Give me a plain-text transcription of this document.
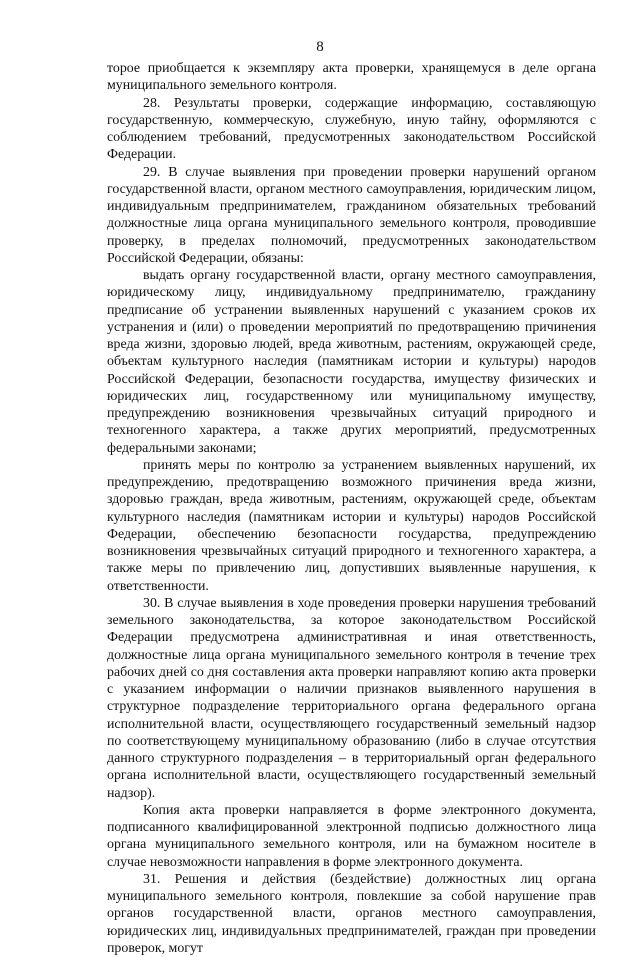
8

торое приобщается к экземпляру акта проверки, хранящемуся в деле органа муниципального земельного контроля.

28. Результаты проверки, содержащие информацию, составляющую государственную, коммерческую, служебную, иную тайну, оформляются с соблюдением требований, предусмотренных законодательством Российской Федерации.

29. В случае выявления при проведении проверки нарушений органом государственной власти, органом местного самоуправления, юридическим лицом, индивидуальным предпринимателем, гражданином обязательных требований должностные лица органа муниципального земельного контроля, проводившие проверку, в пределах полномочий, предусмотренных законодательством Российской Федерации, обязаны:

выдать органу государственной власти, органу местного самоуправления, юридическому лицу, индивидуальному предпринимателю, гражданину предписание об устранении выявленных нарушений с указанием сроков их устранения и (или) о проведении мероприятий по предотвращению причинения вреда жизни, здоровью людей, вреда животным, растениям, окружающей среде, объектам культурного наследия (памятникам истории и культуры) народов Российской Федерации, безопасности государства, имуществу физических и юридических лиц, государственному или муниципальному имуществу, предупреждению возникновения чрезвычайных ситуаций природного и техногенного характера, а также других мероприятий, предусмотренных федеральными законами;

принять меры по контролю за устранением выявленных нарушений, их предупреждению, предотвращению возможного причинения вреда жизни, здоровью граждан, вреда животным, растениям, окружающей среде, объектам культурного наследия (памятникам истории и культуры) народов Российской Федерации, обеспечению безопасности государства, предупреждению возникновения чрезвычайных ситуаций природного и техногенного характера, а также меры по привлечению лиц, допустивших выявленные нарушения, к ответственности.

30. В случае выявления в ходе проведения проверки нарушения требований земельного законодательства, за которое законодательством Российской Федерации предусмотрена административная и иная ответственность, должностные лица органа муниципального земельного контроля в течение трех рабочих дней со дня составления акта проверки направляют копию акта проверки с указанием информации о наличии признаков выявленного нарушения в структурное подразделение территориального органа федерального органа исполнительной власти, осуществляющего государственный земельный надзор по соответствующему муниципальному образованию (либо в случае отсутствия данного структурного подразделения – в территориальный орган федерального органа исполнительной власти, осуществляющего государственный земельный надзор).

Копия акта проверки направляется в форме электронного документа, подписанного квалифицированной электронной подписью должностного лица органа муниципального земельного контроля, или на бумажном носителе в случае невозможности направления в форме электронного документа.

31. Решения и действия (бездействие) должностных лиц органа муниципального земельного контроля, повлекшие за собой нарушение прав органов государственной власти, органов местного самоуправления, юридических лиц, индивидуальных предпринимателей, граждан при проведении проверок, могут
